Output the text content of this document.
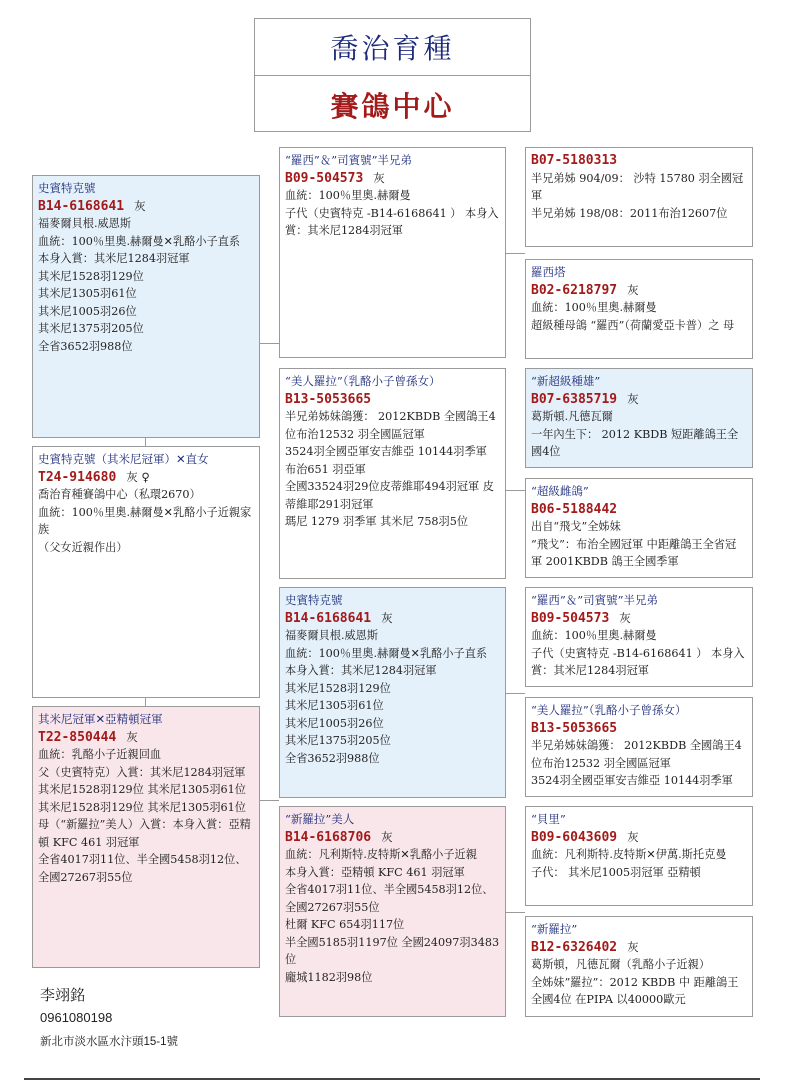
喬治育種
賽鴿中心
史賓特克號
B14-6168641 灰
福麥爾貝根.威恩斯
血統：100％里奧.赫爾曼✕乳酪小子直系
本身入賞：其米尼1284羽冠軍
其米尼1528羽129位
其米尼1305羽61位
其米尼1005羽26位
其米尼1375羽205位
全省3652羽988位
史賓特克號（其米尼冠軍）✕直女
T24-914680 灰 ♀
喬治育種賽鴿中心（私環2670）
血統：100％里奧.赫爾曼✕乳酪小子近親家族
（父女近親作出）
其米尼冠軍✕亞精頓冠軍
T22-850444 灰
血統：乳酪小子近親回血
父（史賓特克）入賞：其米尼1284羽冠軍 其米尼1528羽129位 其米尼1305羽61位
其米尼1528羽129位 其米尼1305羽61位
母（“新羅拉”美人）入賞：本身入賞：亞精頓 KFC 461 羽冠軍
全省4017羽11位、半全國5458羽12位、全國27267羽55位
“羅西”＆”司賓號”半兄弟
B09-504573 灰
血統：100％里奧.赫爾曼
子代（史賓特克 -B14-6168641 ） 本身入賞：其米尼1284羽冠軍
“美人羅拉”（乳酪小子曾孫女）
B13-5053665
半兄弟姊妹鴿獲： 2012KBDB 全國鴿王4位布治12532 羽全國區冠軍
3524羽全國亞軍安吉維亞 10144羽季軍 布治651 羽亞軍
全國33524羽29位皮蒂維耶494羽冠軍 皮蒂維耶291羽冠軍
瑪尼 1279 羽季軍 其米尼 758羽5位
史賓特克號
B14-6168641 灰
福麥爾貝根.威恩斯
血統：100％里奧.赫爾曼✕乳酪小子直系
本身入賞：其米尼1284羽冠軍
其米尼1528羽129位
其米尼1305羽61位
其米尼1005羽26位
其米尼1375羽205位
全省3652羽988位
“新羅拉”美人
B14-6168706 灰
血統：凡利斯特.皮特斯✕乳酪小子近親
本身入賞：亞精頓 KFC 461 羽冠軍
全省4017羽11位、半全國5458羽12位、全國27267羽55位
杜爾 KFC 654羽117位
半全國5185羽1197位 全國24097羽3483位
龐城1182羽98位
B07-5180313
半兄弟姊 904/09： 沙特 15780 羽全國冠軍
半兄弟姊 198/08：2011布治12607位
羅西塔
B02-6218797 灰
血統：100％里奧.赫爾曼
超級種母鴿 “羅西”（荷蘭愛亞卡普）之 母
“新超級種雄”
B07-6385719 灰
葛斯頓.凡德瓦爾
一年內生下： 2012 KBDB 短距離鴿王全國4位
“超級雌鴿”
B06-5188442
出自“飛戈”全姊妹
“飛戈”：布治全國冠軍 中距離鴿王全省冠軍 2001KBDB 鴿王全國季軍
“羅西”＆”司賓號”半兄弟
B09-504573 灰
血統：100％里奧.赫爾曼
子代（史賓特克 -B14-6168641 ） 本身入賞：其米尼1284羽冠軍
“美人羅拉”（乳酪小子曾孫女）
B13-5053665
半兄弟姊妹鴿獲： 2012KBDB 全國鴿王4位布治12532 羽全國區冠軍
3524羽全國亞軍安吉維亞 10144羽季軍
“貝里”
B09-6043609 灰
血統：凡利斯特.皮特斯✕伊萬.斯托克曼
子代： 其米尼1005羽冠軍 亞精頓
“新羅拉”
B12-6326402 灰
葛斯頓，凡德瓦爾（乳酪小子近親）
全姊妹”羅拉”：2012 KBDB 中 距離鴿王全國4位 在PIPA 以40000歐元
李翊銘
0961080198
新北市淡水區水汴頭15-1號
